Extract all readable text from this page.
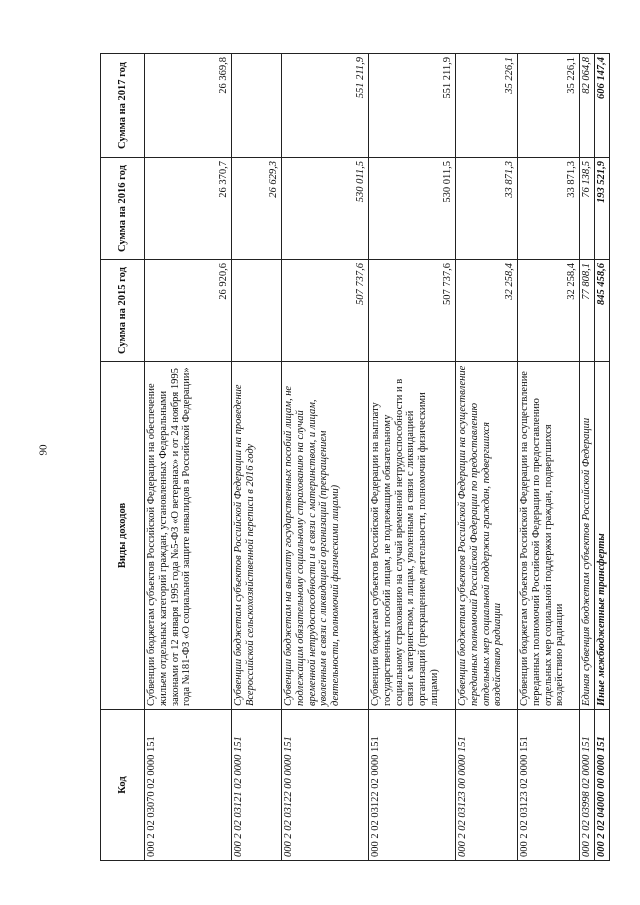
90
Код	Виды доходов	Сумма на 2015 год	Сумма на 2016 год	Сумма на 2017 год
000 2 02 03070 02 0000 151	Субвенции бюджетам субъектов Российской Федерации на обеспечение жильем отдельных категорий граждан, установленных Федеральными законами от 12 января 1995 года №5-ФЗ «О ветеранах» и от 24 ноября 1995 года №181-ФЗ «О социальной защите инвалидов в Российской Федерации»	26 920,6	26 370,7	26 369,8
000 2 02 03121 02 0000 151	Субвенции бюджетам субъектов Российской Федерации на проведение Всероссийской сельскохозяйственной переписи в 2016 году		26 629,3	
000 2 02 03122 00 0000 151	Субвенции бюджетам на выплату государственных пособий лицам, не подлежащим обязательному социальному страхованию на случай временной нетрудоспособности и в связи с материнством, и лицам, уволенным в связи с ликвидацией организаций (прекращением деятельности, полномочий физическими лицами)	507 737,6	530 011,5	551 211,9
000 2 02 03122 02 0000 151	Субвенции бюджетам субъектов Российской Федерации на выплату государственных пособий лицам, не подлежащим обязательному социальному страхованию на случай временной нетрудоспособности и в связи с материнством, и лицам, уволенным в связи с ликвидацией организаций (прекращением деятельности, полномочий физическими лицами)	507 737,6	530 011,5	551 211,9
000 2 02 03123 00 0000 151	Субвенции бюджетам субъектов Российской Федерации на осуществление переданных полномочий Российской Федерации по предоставлению отдельных мер социальной поддержки граждан, подвергшихся воздействию радиации	32 258,4	33 871,3	35 226,1
000 2 02 03123 02 0000 151	Субвенции бюджетам субъектов Российской Федерации на осуществление переданных полномочий Российской Федерации по предоставлению отдельных мер социальной поддержки граждан, подвергшихся воздействию радиации	32 258,4	33 871,3	35 226,1
000 2 02 03998 02 0000 151	Единая субвенция бюджетам субъектов Российской Федерации	77 808,1	76 138,5	82 064,8
000 2 02 04000 00 0000 151	Иные межбюджетные трансферты	845 458,6	193 521,9	606 147,4
